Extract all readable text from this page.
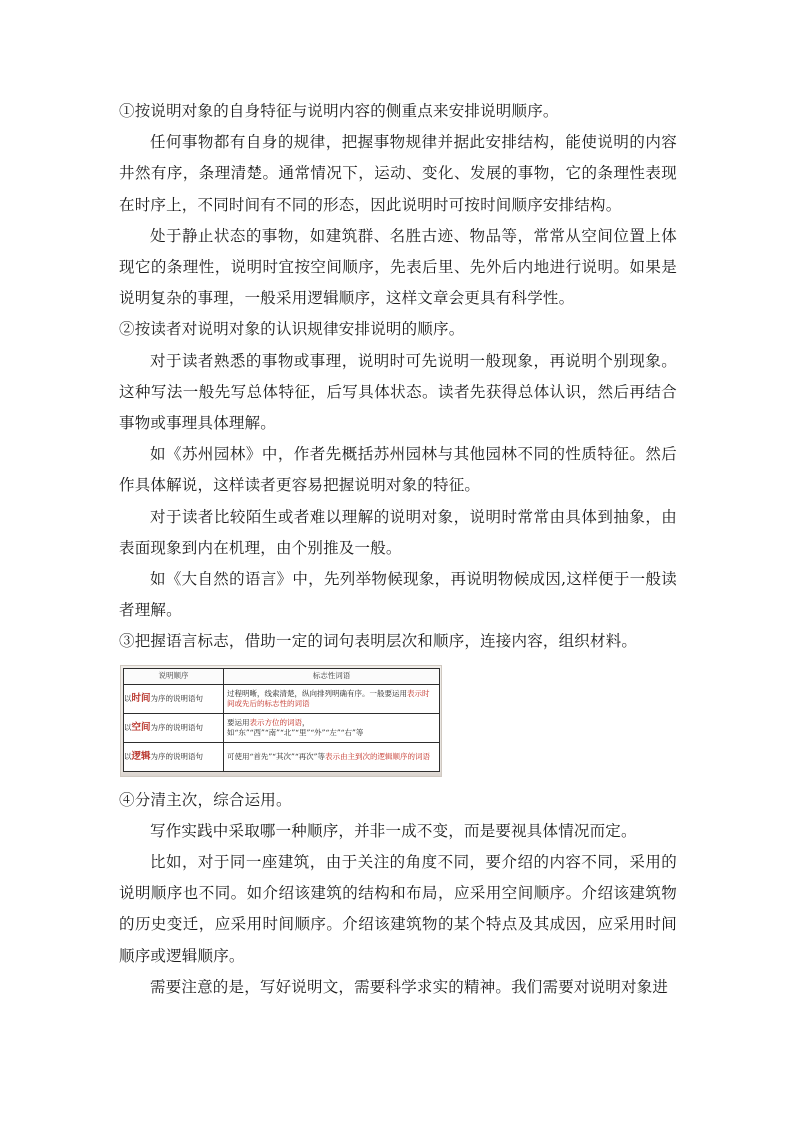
①按说明对象的自身特征与说明内容的侧重点来安排说明顺序。

任何事物都有自身的规律，把握事物规律并据此安排结构，能使说明的内容井然有序，条理清楚。通常情况下，运动、变化、发展的事物，它的条理性表现在时序上，不同时间有不同的形态，因此说明时可按时间顺序安排结构。

处于静止状态的事物，如建筑群、名胜古迹、物品等，常常从空间位置上体现它的条理性，说明时宜按空间顺序，先表后里、先外后内地进行说明。如果是说明复杂的事理，一般采用逻辑顺序，这样文章会更具有科学性。

②按读者对说明对象的认识规律安排说明的顺序。

对于读者熟悉的事物或事理，说明时可先说明一般现象，再说明个别现象。这种写法一般先写总体特征，后写具体状态。读者先获得总体认识，然后再结合事物或事理具体理解。

如《苏州园林》中，作者先概括苏州园林与其他园林不同的性质特征。然后作具体解说，这样读者更容易把握说明对象的特征。

对于读者比较陌生或者难以理解的说明对象，说明时常常由具体到抽象，由表面现象到内在机理，由个别推及一般。

如《大自然的语言》中，先列举物候现象，再说明物候成因,这样便于一般读者理解。

③把握语言标志，借助一定的词句表明层次和顺序，连接内容，组织材料。

说明顺序	标志性词语
以时间为序的说明语句	过程明晰，线索清楚，纵向排列明确有序。一般要运用表示时间或先后的标志性的词语
以空间为序的说明语句	要运用表示方位的词语，如“东”“西”“南”“北”“里”“外”“左”“右”等
以逻辑为序的说明语句	可使用“首先”“其次”“再次”等表示由主到次的逻辑顺序的词语

④分清主次，综合运用。

写作实践中采取哪一种顺序，并非一成不变，而是要视具体情况而定。

比如，对于同一座建筑，由于关注的角度不同，要介绍的内容不同，采用的说明顺序也不同。如介绍该建筑的结构和布局，应采用空间顺序。介绍该建筑物的历史变迁，应采用时间顺序。介绍该建筑物的某个特点及其成因，应采用时间顺序或逻辑顺序。

需要注意的是，写好说明文，需要科学求实的精神。我们需要对说明对象进
